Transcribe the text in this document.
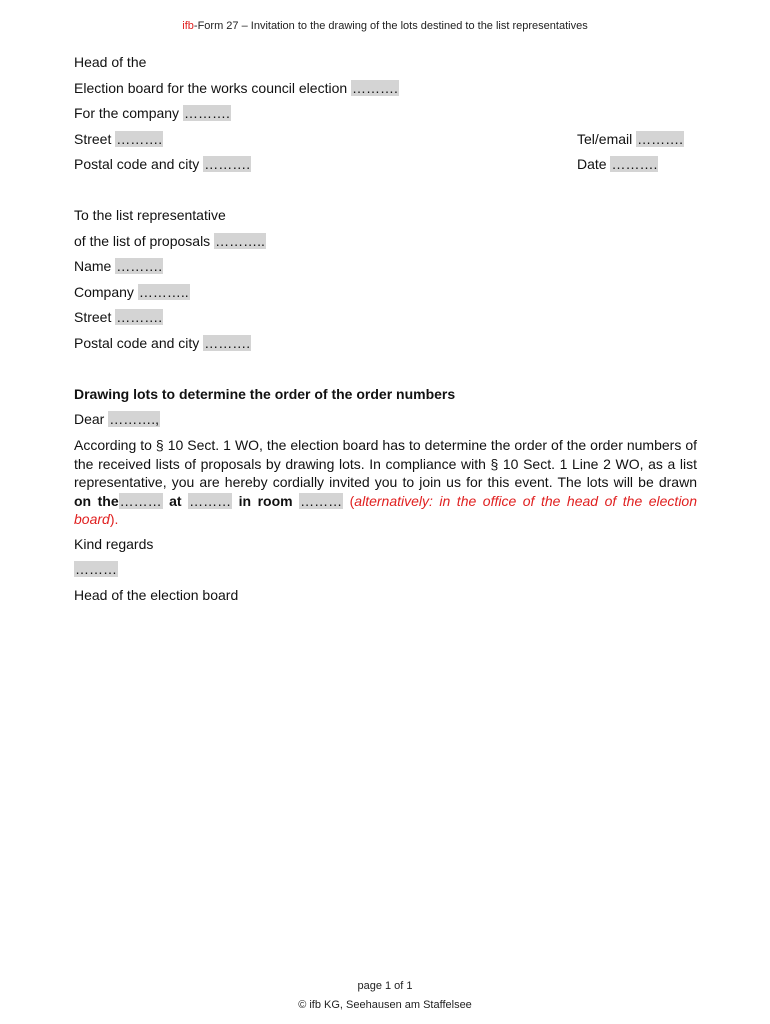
ifb-Form 27 – Invitation to the drawing of the lots destined to the list representatives
Head of the
Election board for the works council election ……….
For the company ……….
Street ……….	Tel/email ……….
Postal code and city ……….	Date ……….
To the list representative
of the list of proposals ………..
Name ……….
Company ………..
Street ……….
Postal code and city ……….
Drawing lots to determine the order of the order numbers
Dear ……….,
According to § 10 Sect. 1 WO, the election board has to determine the order of the order numbers of the received lists of proposals by drawing lots. In compliance with § 10 Sect. 1 Line 2 WO, as a list representative, you are hereby cordially invited you to join us for this event. The lots will be drawn on the……… at ……… in room ……… (alternatively: in the office of the head of the election board).
Kind regards
………
Head of the election board
page 1 of 1
© ifb KG, Seehausen am Staffelsee
